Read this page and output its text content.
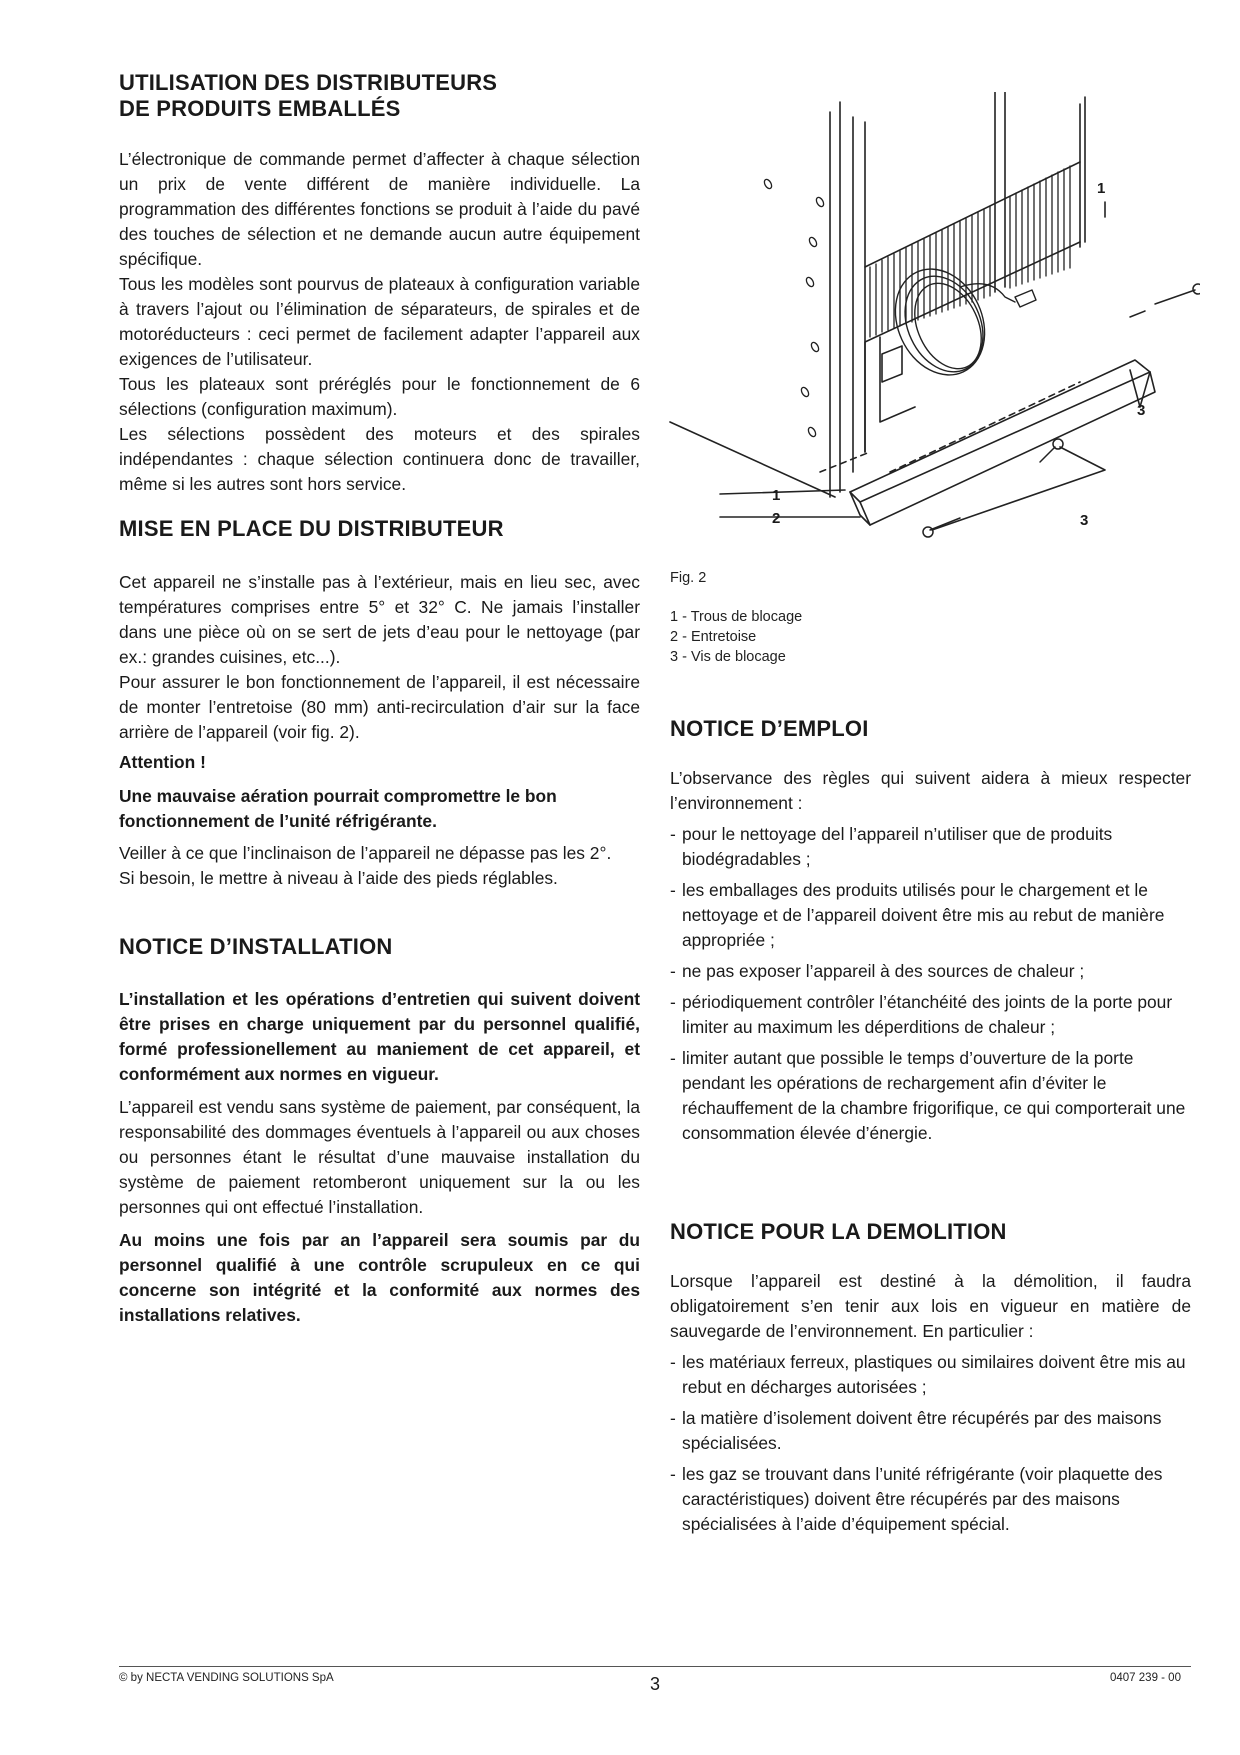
UTILISATION DES DISTRIBUTEURS
DE PRODUITS EMBALLÉS

L’électronique de commande permet d’affecter à chaque sélection un prix de vente différent de manière individuelle. La programmation des différentes fonctions se produit à l’aide du pavé des touches de sélection et ne demande aucun autre équipement spécifique.

Tous les modèles sont pourvus de plateaux à configuration variable à travers l’ajout ou l’élimination de séparateurs, de spirales et de motoréducteurs : ceci permet de facilement adapter l’appareil aux exigences de l’utilisateur.

Tous les plateaux sont préréglés pour le fonctionnement de 6 sélections (configuration maximum).

Les sélections possèdent des moteurs et des spirales indépendantes : chaque sélection continuera donc de travailler, même si les autres sont hors service.

MISE EN PLACE DU DISTRIBUTEUR

Cet appareil ne s’installe pas à l’extérieur, mais en lieu sec, avec températures comprises entre 5° et 32° C. Ne jamais l’installer dans une pièce où on se sert de jets d’eau pour le nettoyage (par ex.: grandes cuisines, etc...).

Pour assurer le bon fonctionnement de l’appareil, il est nécessaire de monter l’entretoise (80 mm) anti-recirculation d’air sur la face arrière de l’appareil (voir fig. 2).

Attention !

Une mauvaise aération pourrait compromettre le bon fonctionnement de l’unité réfrigérante.

Veiller à ce que l’inclinaison de l’appareil ne dépasse pas les 2°.

Si besoin, le mettre à niveau à l’aide des pieds réglables.

NOTICE D’INSTALLATION

L’installation et les opérations d’entretien qui suivent doivent être prises en charge uniquement par du personnel qualifié, formé professionellement au maniement de cet appareil, et conformément aux normes en vigueur.

L’appareil est vendu sans système de paiement, par conséquent, la responsabilité des dommages éventuels à l’appareil ou aux choses ou personnes étant le résultat d’une mauvaise installation du système de paiement retomberont uniquement sur la ou les personnes qui ont effectué l’installation.

Au moins une fois par an l’appareil sera soumis par du personnel qualifié à une contrôle scrupuleux en ce qui concerne son intégrité et la conformité aux normes des installations relatives.

1
3
1
2	3
Fig. 2
1 - Trous de blocage
2 - Entretoise
3 - Vis de blocage
NOTICE D’EMPLOI

L’observance des règles qui suivent aidera à mieux respecter l’environnement :

- pour le nettoyage del l’appareil n’utiliser que de produits biodégradables ;
- les emballages des produits utilisés pour le chargement et le nettoyage et de l’appareil doivent être mis au rebut de manière appropriée ;
- ne pas exposer l’appareil à des sources de chaleur ;
- périodiquement contrôler l’étanchéité des joints de la porte pour limiter au maximum les déperditions de chaleur ;
- limiter autant que possible le temps d’ouverture de la porte pendant les opérations de rechargement afin d’éviter le réchauffement de la chambre frigorifique, ce qui comporterait une consommation élevée d’énergie.
NOTICE POUR LA DEMOLITION

Lorsque l’appareil est destiné à la démolition, il faudra obligatoirement s’en tenir aux lois en vigueur en matière de sauvegarde de l’environnement. En particulier :

- les matériaux ferreux, plastiques ou similaires doivent être mis au rebut en décharges autorisées ;
- la matière d’isolement doivent être récupérés par des maisons spécialisées.
- les gaz se trouvant dans l’unité réfrigérante (voir plaquette des caractéristiques) doivent être récupérés par des maisons spécialisées à l’aide d’équipement spécial.
© by NECTA VENDING SOLUTIONS SpA	3	0407 239 - 00
